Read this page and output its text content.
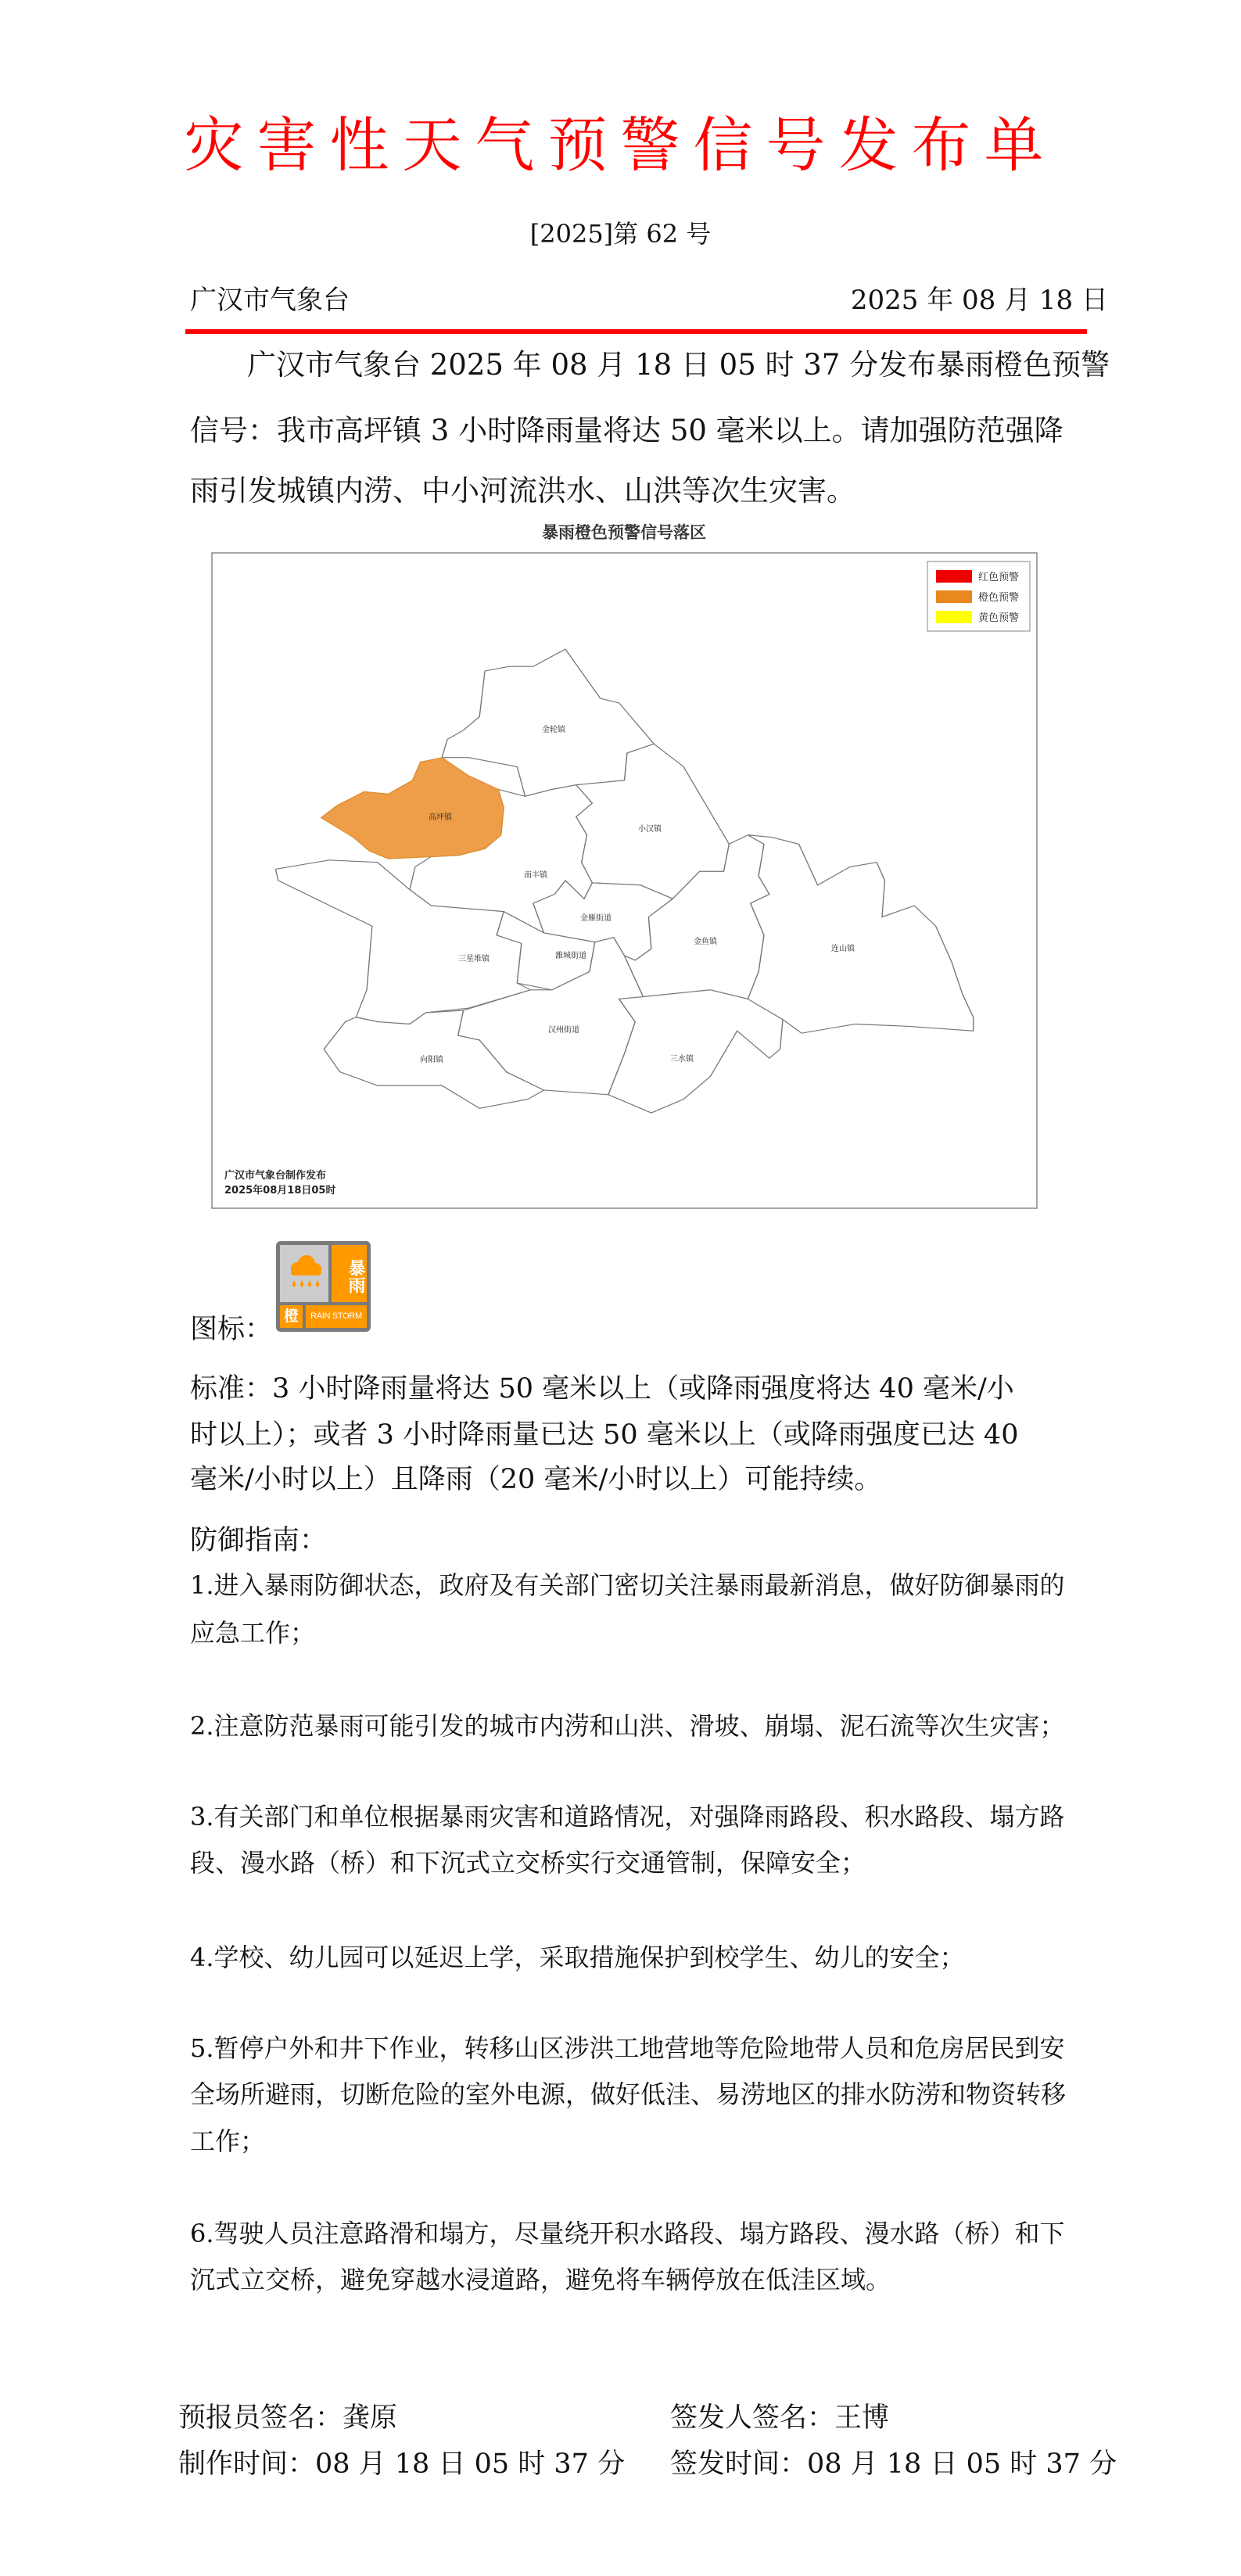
灾害性天气预警信号发布单
[2025]第 62 号
广汉市气象台	2025 年 08 月 18 日
广汉市气象台 2025 年 08 月 18 日 05 时 37 分发布暴雨橙色预警
信号：我市高坪镇 3 小时降雨量将达 50 毫米以上。请加强防范强降
雨引发城镇内涝、中小河流洪水、山洪等次生灾害。
暴雨橙色预警信号落区
金轮镇
小汉镇
南丰镇
金雁街道
雒城街道
三星堆镇
向阳镇
汉州街道
金鱼镇
三水镇
连山镇
高坪镇
红色预警
橙色预警
黄色预警
广汉市气象台制作发布
2025年08月18日05时
图标：
暴雨
橙	RAIN STORM
标准：3 小时降雨量将达 50 毫米以上（或降雨强度将达 40 毫米/小
时以上）；或者 3 小时降雨量已达 50 毫米以上（或降雨强度已达 40
毫米/小时以上）且降雨（20 毫米/小时以上）可能持续。
防御指南：
1.进入暴雨防御状态，政府及有关部门密切关注暴雨最新消息，做好防御暴雨的
应急工作；
2.注意防范暴雨可能引发的城市内涝和山洪、滑坡、崩塌、泥石流等次生灾害；
3.有关部门和单位根据暴雨灾害和道路情况，对强降雨路段、积水路段、塌方路
段、漫水路（桥）和下沉式立交桥实行交通管制，保障安全；
4.学校、幼儿园可以延迟上学，采取措施保护到校学生、幼儿的安全；
5.暂停户外和井下作业，转移山区涉洪工地营地等危险地带人员和危房居民到安
全场所避雨，切断危险的室外电源，做好低洼、易涝地区的排水防涝和物资转移
工作；
6.驾驶人员注意路滑和塌方，尽量绕开积水路段、塌方路段、漫水路（桥）和下
沉式立交桥，避免穿越水浸道路，避免将车辆停放在低洼区域。
预报员签名：龚原	签发人签名：王博
制作时间：08 月 18 日 05 时 37 分 签发时间：08 月 18 日 05 时 37 分
